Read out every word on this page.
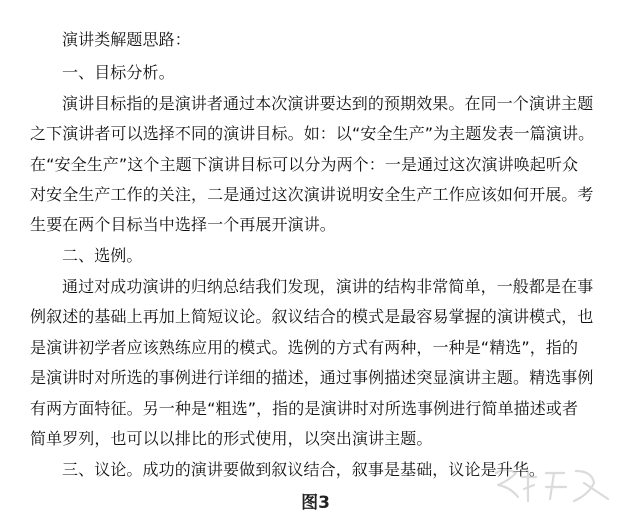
演讲类解题思路：
一、目标分析。
演讲目标指的是演讲者通过本次演讲要达到的预期效果。在同一个演讲主题
之下演讲者可以选择不同的演讲目标。如：以“安全生产”为主题发表一篇演讲。
在“安全生产”这个主题下演讲目标可以分为两个：一是通过这次演讲唤起听众
对安全生产工作的关注，二是通过这次演讲说明安全生产工作应该如何开展。考
生要在两个目标当中选择一个再展开演讲。
二、选例。
通过对成功演讲的归纳总结我们发现，演讲的结构非常简单，一般都是在事
例叙述的基础上再加上简短议论。叙议结合的模式是最容易掌握的演讲模式，也
是演讲初学者应该熟练应用的模式。选例的方式有两种，一种是“精选”，指的
是演讲时对所选的事例进行详细的描述，通过事例描述突显演讲主题。精选事例
有两方面特征。另一种是“粗选”，指的是演讲时对所选事例进行简单描述或者
简单罗列，也可以以排比的形式使用，以突出演讲主题。
三、议论。成功的演讲要做到叙议结合，叙事是基础，议论是升华。
图3
